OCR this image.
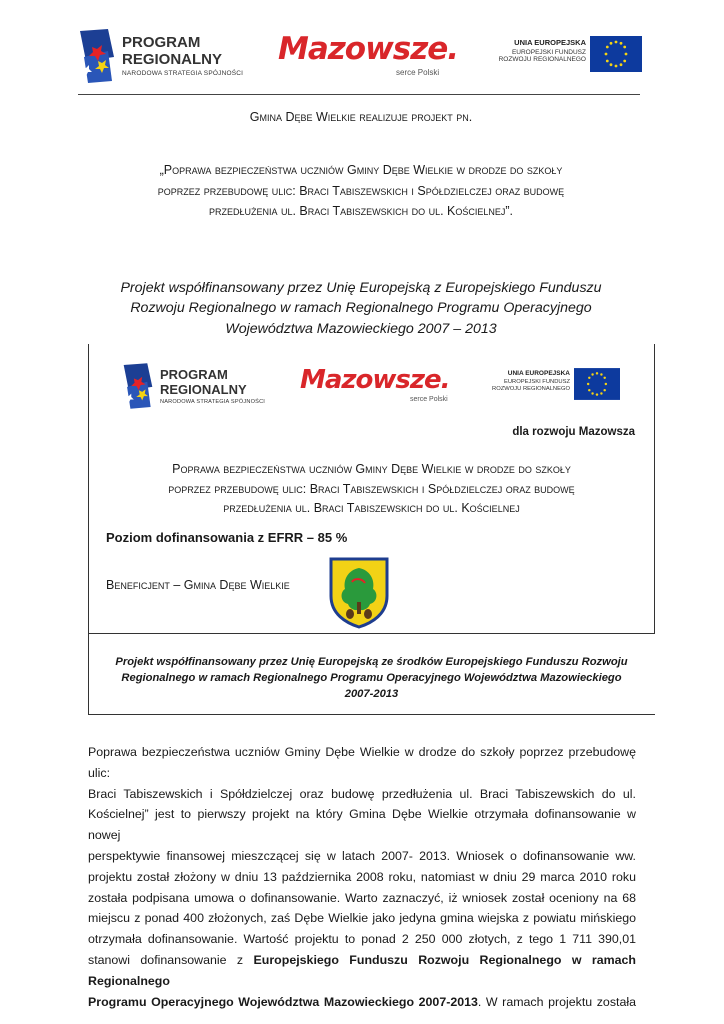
PROGRAM
REGIONALNY
NARODOWA STRATEGIA SPÓJNOŚCI
Mazowsze.
serce Polski
UNIA EUROPEJSKA
EUROPEJSKI FUNDUSZ
ROZWOJU REGIONALNEGO
Gmina Dębe Wielkie realizuje projekt pn.
„Poprawa bezpieczeństwa uczniów Gminy Dębe Wielkie w drodze do szkoły
poprzez przebudowę ulic: Braci Tabiszewskich i Spółdzielczej oraz budowę
przedłużenia ul. Braci Tabiszewskich do ul. Kościelnej”.
Projekt współfinansowany przez Unię Europejską z Europejskiego Funduszu
Rozwoju Regionalnego w ramach Regionalnego Programu Operacyjnego
Województwa Mazowieckiego 2007 – 2013
PROGRAM
REGIONALNY
NARODOWA STRATEGIA SPÓJNOŚCI
Mazowsze.
serce Polski
UNIA EUROPEJSKA
EUROPEJSKI FUNDUSZ
ROZWOJU REGIONALNEGO
dla rozwoju Mazowsza
Poprawa bezpieczeństwa uczniów Gminy Dębe Wielkie w drodze do szkoły
poprzez przebudowę ulic: Braci Tabiszewskich i Spółdzielczej oraz budowę
przedłużenia ul. Braci Tabiszewskich do ul. Kościelnej
Poziom dofinansowania z EFRR – 85 %
Beneficjent – Gmina Dębe Wielkie
Projekt współfinansowany przez Unię Europejską ze środków Europejskiego Funduszu Rozwoju
Regionalnego w ramach Regionalnego Programu Operacyjnego Województwa Mazowieckiego
2007-2013
Poprawa bezpieczeństwa uczniów Gminy Dębe Wielkie w drodze do szkoły poprzez przebudowę ulic:
Braci Tabiszewskich i Spółdzielczej oraz budowę przedłużenia ul. Braci Tabiszewskich do ul.
Kościelnej” jest to pierwszy projekt na który Gmina Dębe Wielkie otrzymała dofinansowanie w nowej
perspektywie finansowej mieszczącej się w latach 2007- 2013. Wniosek o dofinansowanie ww.
projektu został złożony w dniu 13 października 2008 roku, natomiast w dniu 29 marca 2010 roku
została podpisana umowa o dofinansowanie. Warto zaznaczyć, iż wniosek został oceniony na 68
miejscu z ponad 400 złożonych, zaś Dębe Wielkie jako jedyna gmina wiejska z powiatu mińskiego
otrzymała dofinansowanie. Wartość projektu to ponad 2 250 000 złotych, z tego 1 711 390,01
stanowi dofinansowanie z Europejskiego Funduszu Rozwoju Regionalnego w ramach Regionalnego
Programu Operacyjnego Województwa Mazowieckiego 2007-2013. W ramach projektu została
